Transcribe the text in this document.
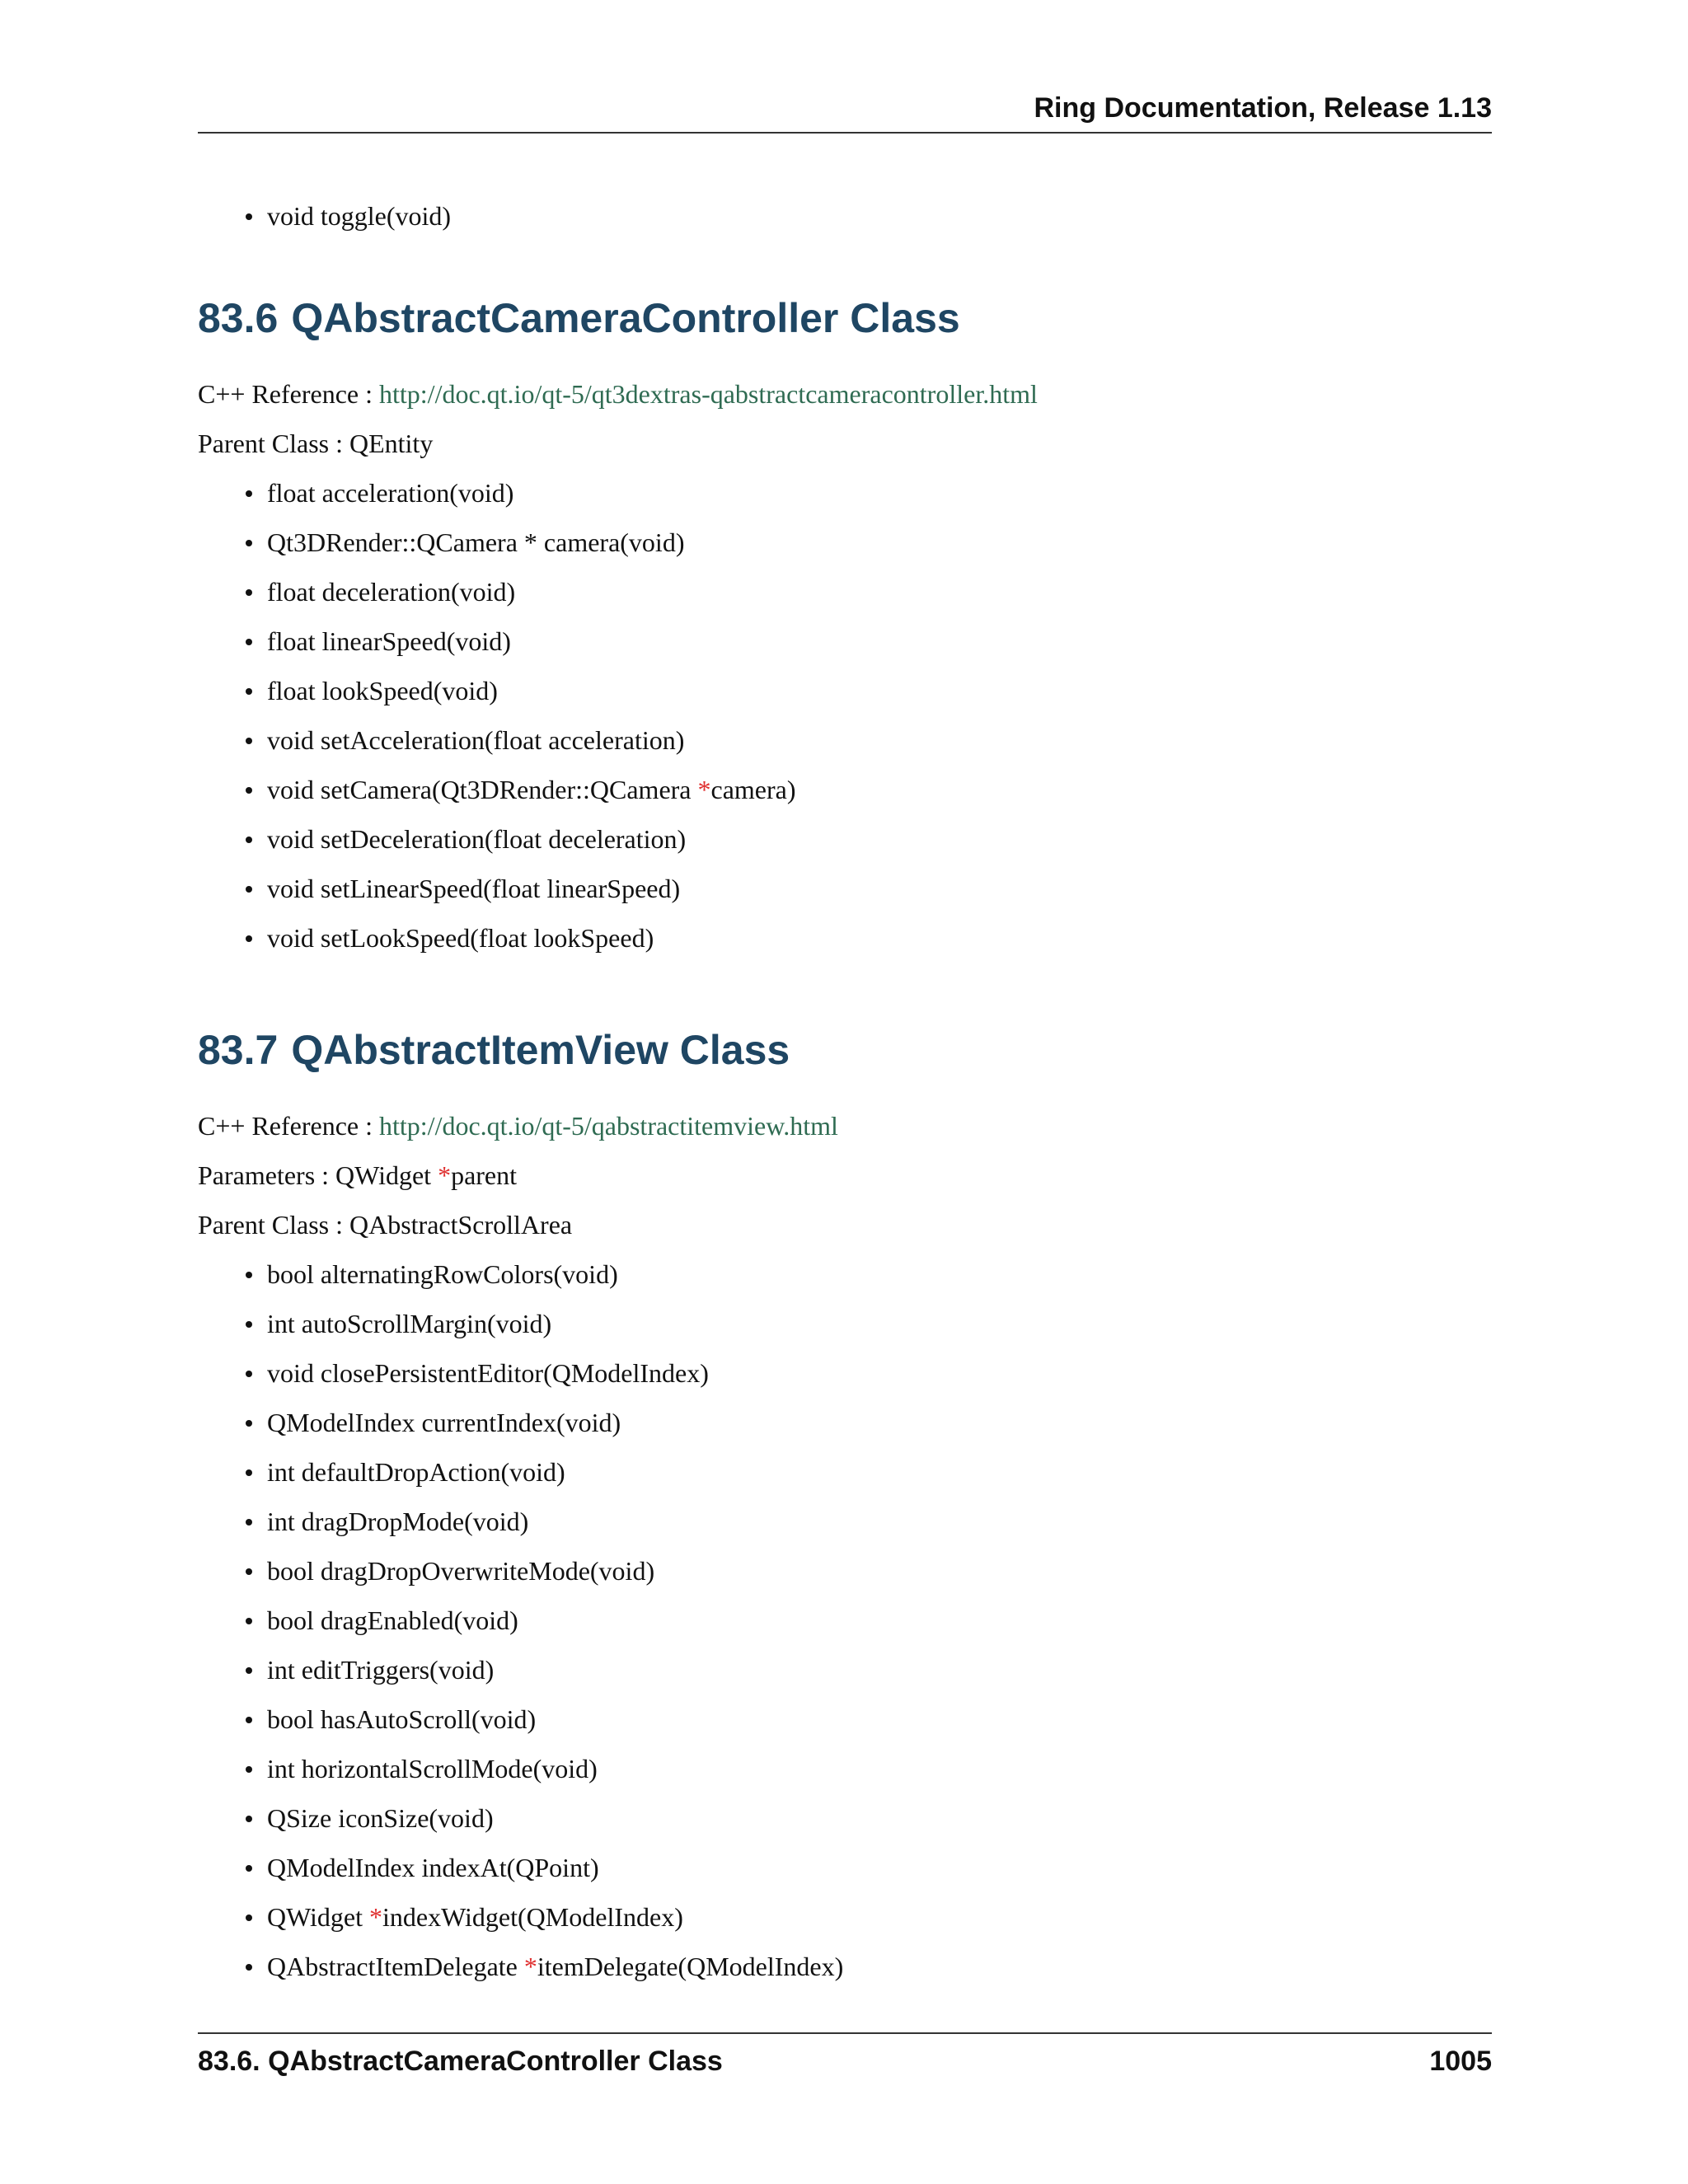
Ring Documentation, Release 1.13
void toggle(void)
83.6 QAbstractCameraController Class
C++ Reference : http://doc.qt.io/qt-5/qt3dextras-qabstractcameracontroller.html
Parent Class : QEntity
float acceleration(void)
Qt3DRender::QCamera * camera(void)
float deceleration(void)
float linearSpeed(void)
float lookSpeed(void)
void setAcceleration(float acceleration)
void setCamera(Qt3DRender::QCamera *camera)
void setDeceleration(float deceleration)
void setLinearSpeed(float linearSpeed)
void setLookSpeed(float lookSpeed)
83.7 QAbstractItemView Class
C++ Reference : http://doc.qt.io/qt-5/qabstractitemview.html
Parameters : QWidget *parent
Parent Class : QAbstractScrollArea
bool alternatingRowColors(void)
int autoScrollMargin(void)
void closePersistentEditor(QModelIndex)
QModelIndex currentIndex(void)
int defaultDropAction(void)
int dragDropMode(void)
bool dragDropOverwriteMode(void)
bool dragEnabled(void)
int editTriggers(void)
bool hasAutoScroll(void)
int horizontalScrollMode(void)
QSize iconSize(void)
QModelIndex indexAt(QPoint)
QWidget *indexWidget(QModelIndex)
QAbstractItemDelegate *itemDelegate(QModelIndex)
83.6. QAbstractCameraController Class	1005
